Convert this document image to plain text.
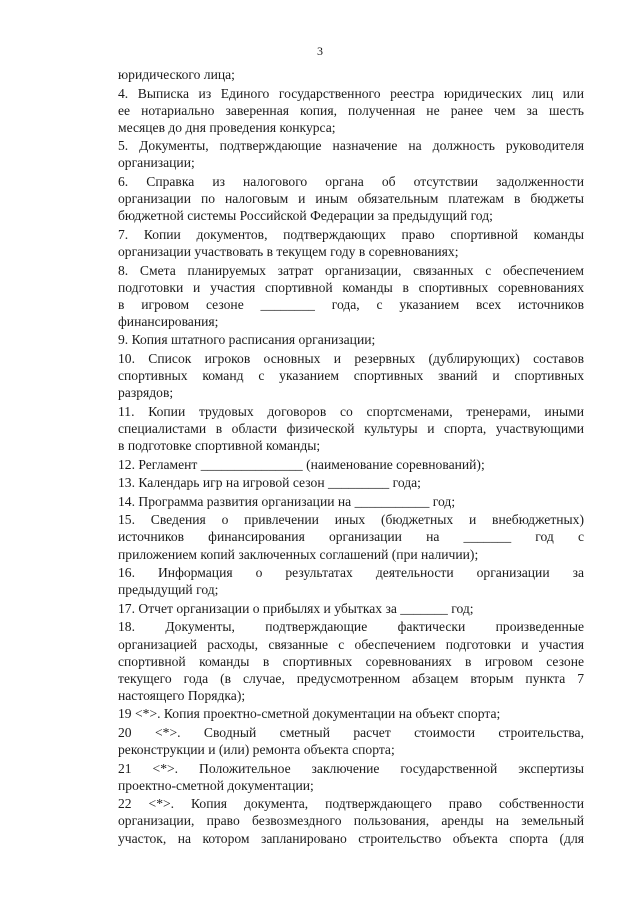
3

юридического лица;

4. Выписка из Единого государственного реестра юридических лиц или
ее нотариально заверенная копия, полученная не ранее чем за шесть
месяцев до дня проведения конкурса;

5. Документы, подтверждающие назначение на должность руководителя
организации;

6. Справка из налогового органа об отсутствии задолженности
организации по налоговым и иным обязательным платежам в бюджеты
бюджетной системы Российской Федерации за предыдущий год;

7. Копии документов, подтверждающих право спортивной команды
организации участвовать в текущем году в соревнованиях;

8. Смета планируемых затрат организации, связанных с обеспечением
подготовки и участия спортивной команды в спортивных соревнованиях
в игровом сезоне ________ года, с указанием всех источников
финансирования;

9. Копия штатного расписания организации;

10. Список игроков основных и резервных (дублирующих) составов
спортивных команд с указанием спортивных званий и спортивных
разрядов;

11. Копии трудовых договоров со спортсменами, тренерами, иными
специалистами в области физической культуры и спорта, участвующими
в подготовке спортивной команды;

12. Регламент _______________ (наименование соревнований);

13. Календарь игр на игровой сезон _________ года;

14. Программа развития организации на ___________ год;

15. Сведения о привлечении иных (бюджетных и внебюджетных)
источников финансирования организации на _______ год с
приложением копий заключенных соглашений (при наличии);

16. Информация о результатах деятельности организации за
предыдущий год;

17. Отчет организации о прибылях и убытках за _______ год;

18. Документы, подтверждающие фактически произведенные
организацией расходы, связанные с обеспечением подготовки и участия
спортивной команды в спортивных соревнованиях в игровом сезоне
текущего года (в случае, предусмотренном абзацем вторым пункта 7
настоящего Порядка);

19 <*>. Копия проектно-сметной документации на объект спорта;

20 <*>. Сводный сметный расчет стоимости строительства,
реконструкции и (или) ремонта объекта спорта;

21 <*>. Положительное заключение государственной экспертизы
проектно-сметной документации;

22 <*>. Копия документа, подтверждающего право собственности
организации, право безвозмездного пользования, аренды на земельный
участок, на котором запланировано строительство объекта спорта (для
